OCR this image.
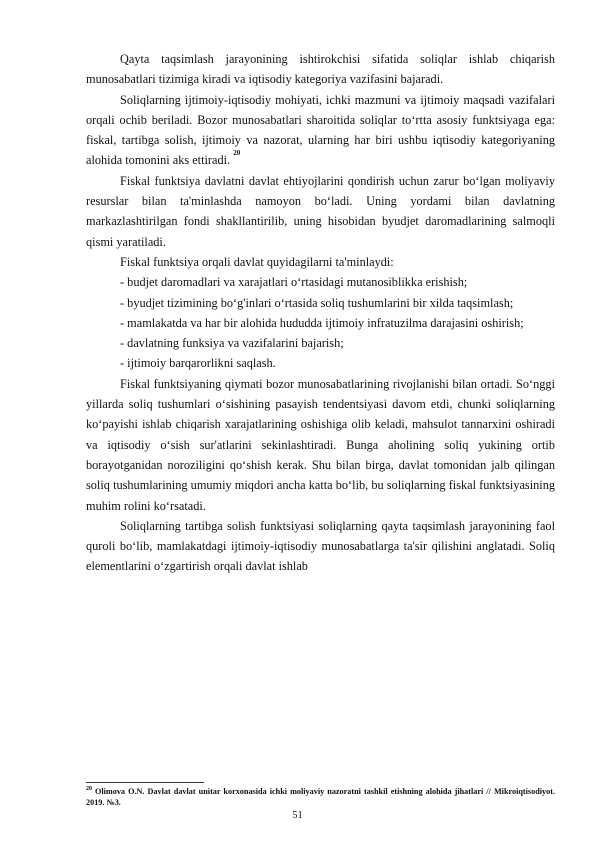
Qayta taqsimlash jarayonining ishtirokchisi sifatida soliqlar ishlab chiqarish munosabatlari tizimiga kiradi va iqtisodiy kategoriya vazifasini bajaradi.

Soliqlarning ijtimoiy-iqtisodiy mohiyati, ichki mazmuni va ijtimoiy maqsadi vazifalari orqali ochib beriladi. Bozor munosabatlari sharoitida soliqlar to‘rtta asosiy funktsiyaga ega: fiskal, tartibga solish, ijtimoiy va nazorat, ularning har biri ushbu iqtisodiy kategoriyaning alohida tomonini aks ettiradi. $^{20}$

Fiskal funktsiya davlatni davlat ehtiyojlarini qondirish uchun zarur bo‘lgan moliyaviy resurslar bilan ta'minlashda namoyon bo‘ladi. Uning yordami bilan davlatning markazlashtirilgan fondi shakllantirilib, uning hisobidan byudjet daromadlarining salmoqli qismi yaratiladi.

Fiskal funktsiya orqali davlat quyidagilarni ta'minlaydi:

- budjet daromadlari va xarajatlari o‘rtasidagi mutanosiblikka erishish;

- byudjet tizimining bo‘g'inlari o‘rtasida soliq tushumlarini bir xilda taqsimlash;

- mamlakatda va har bir alohida hududda ijtimoiy infratuzilma darajasini oshirish;

- davlatning funksiya va vazifalarini bajarish;

- ijtimoiy barqarorlikni saqlash.

Fiskal funktsiyaning qiymati bozor munosabatlarining rivojlanishi bilan ortadi. So‘nggi yillarda soliq tushumlari o‘sishining pasayish tendentsiyasi davom etdi, chunki soliqlarning ko‘payishi ishlab chiqarish xarajatlarining oshishiga olib keladi, mahsulot tannarxini oshiradi va iqtisodiy o‘sish sur'atlarini sekinlashtiradi. Bunga aholining soliq yukining ortib borayotganidan noroziligini qo‘shish kerak. Shu bilan birga, davlat tomonidan jalb qilingan soliq tushumlarining umumiy miqdori ancha katta bo‘lib, bu soliqlarning fiskal funktsiyasining muhim rolini ko‘rsatadi.

Soliqlarning tartibga solish funktsiyasi soliqlarning qayta taqsimlash jarayonining faol quroli bo‘lib, mamlakatdagi ijtimoiy-iqtisodiy munosabatlarga ta'sir qilishini anglatadi. Soliq elementlarini o‘zgartirish orqali davlat ishlab

$^{20}$ Olimova O.N. Davlat davlat unitar korxonasida ichki moliyaviy nazoratni tashkil etishning alohida jihatlari // Mikroiqtisodiyot. 2019. №3.
51
